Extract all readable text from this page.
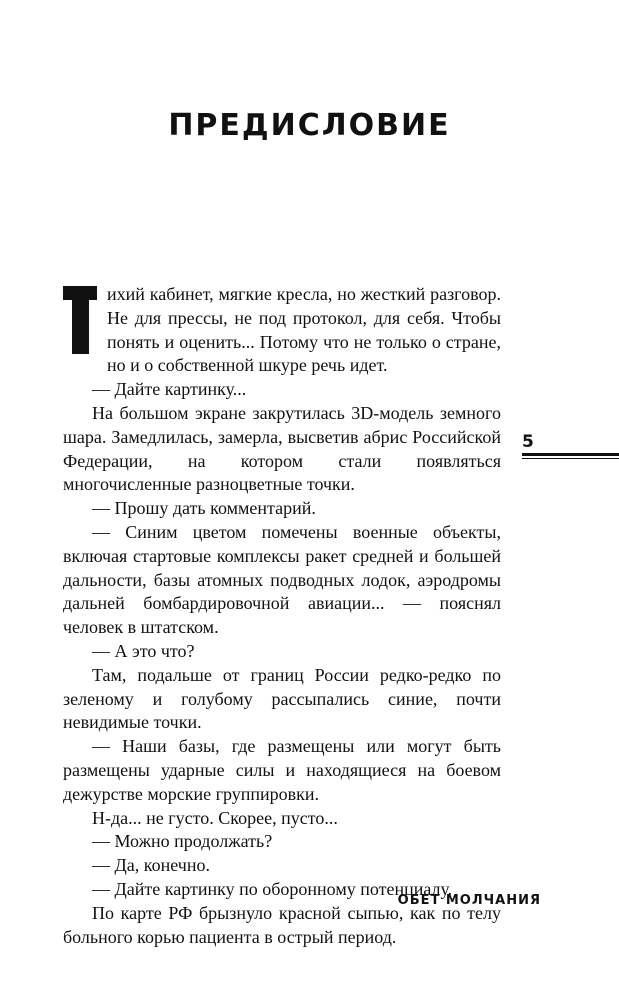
ПРЕДИСЛОВИЕ

ихий кабинет, мягкие кресла, но жесткий разговор. Не для прессы, не под протокол, для себя. Чтобы понять и оценить... Потому что не только о стране, но и о собственной шкуре речь идет.

— Дайте картинку...

На большом экране закрутилась 3D-модель земного шара. Замедлилась, замерла, высветив абрис Российской Федерации, на котором стали появляться многочисленные разноцветные точки.

— Прошу дать комментарий.

— Синим цветом помечены военные объекты, включая стартовые комплексы ракет средней и большей дальности, базы атомных подводных лодок, аэродромы дальней бомбардировочной авиации... — пояснял человек в штатском.

— А это что?

Там, подальше от границ России редко-редко по зеленому и голубому рассыпались синие, почти невидимые точки.

— Наши базы, где размещены или могут быть размещены ударные силы и находящиеся на боевом дежурстве морские группировки.

Н-да... не густо. Скорее, пусто...

— Можно продолжать?

— Да, конечно.

— Дайте картинку по оборонному потенциалу.

По карте РФ брызнуло красной сыпью, как по телу больного корью пациента в острый период.

5
ОБЕТ МОЛЧАНИЯ
